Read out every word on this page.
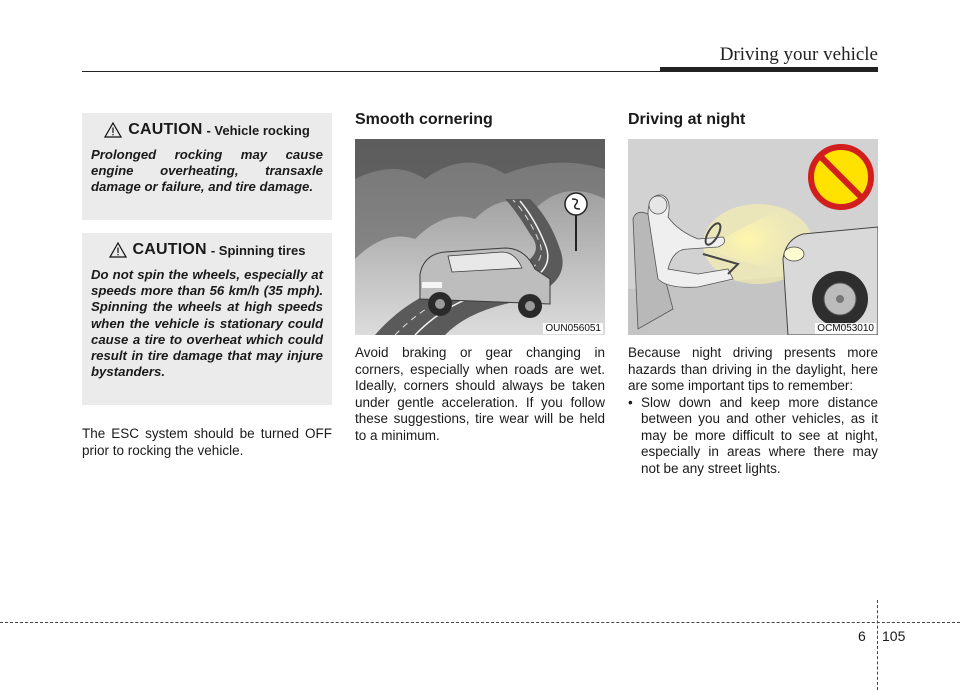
Driving your vehicle
CAUTION - Vehicle rocking

Prolonged rocking may cause engine overheating, transaxle damage or failure, and tire damage.

CAUTION - Spinning tires

Do not spin the wheels, especially at speeds more than 56 km/h (35 mph). Spinning the wheels at high speeds when the vehicle is stationary could cause a tire to overheat which could result in tire damage that may injure bystanders.

The ESC system should be turned OFF prior to rocking the vehicle.

Smooth cornering
OUN056051

Avoid braking or gear changing in corners, especially when roads are wet. Ideally, corners should always be taken under gentle acceleration. If you follow these suggestions, tire wear will be held to a minimum.

Driving at night
OCM053010

Because night driving presents more hazards than driving in the daylight, here are some important tips to remember:

• Slow down and keep more distance between you and other vehicles, as it may be more difficult to see at night, especially in areas where there may not be any street lights.
6 105
